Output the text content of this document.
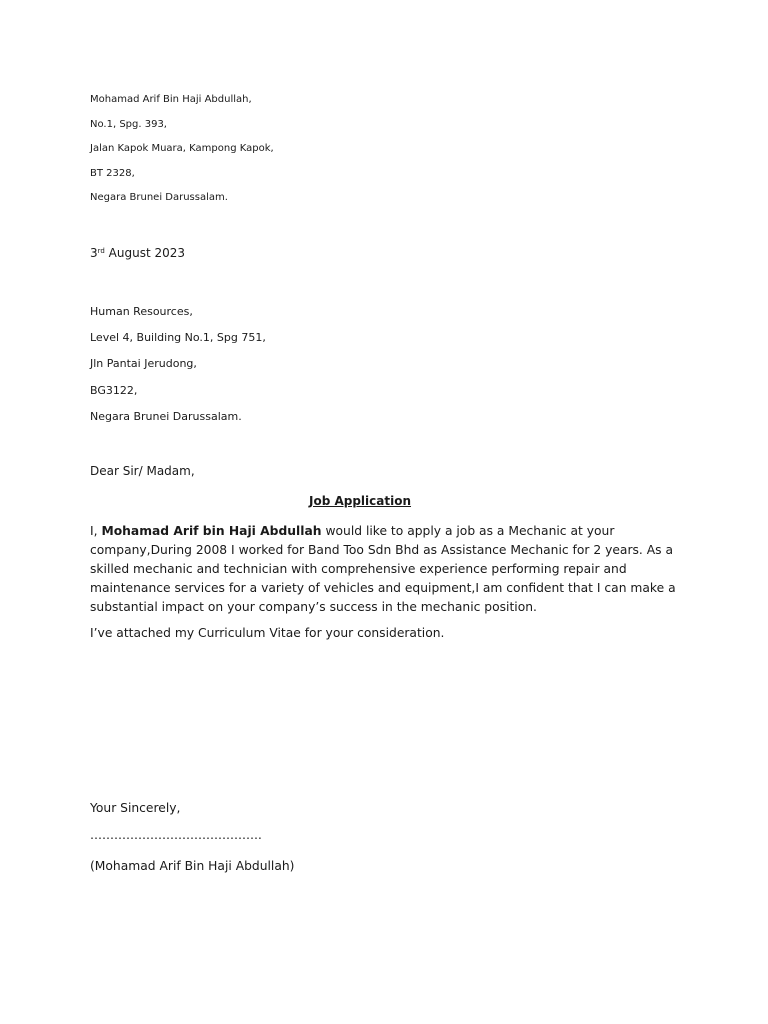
Mohamad Arif Bin Haji Abdullah,
No.1, Spg. 393,
Jalan Kapok Muara, Kampong Kapok,
BT 2328,
Negara Brunei Darussalam.
3rd August 2023
Human Resources,
Level 4, Building No.1, Spg 751,
Jln Pantai Jerudong,
BG3122,
Negara Brunei Darussalam.
Dear Sir/ Madam,
Job Application
I, Mohamad Arif bin Haji Abdullah would like to apply a job as a Mechanic at your company,During 2008 I worked for Band Too Sdn Bhd as Assistance Mechanic for 2 years. As a skilled mechanic and technician with comprehensive experience performing repair and maintenance services for a variety of vehicles and equipment,I am confident that I can make a substantial impact on your company’s success in the mechanic position.
I’ve attached my Curriculum Vitae for your consideration.
Your Sincerely,
…………………………………….
(Mohamad Arif Bin Haji Abdullah)
